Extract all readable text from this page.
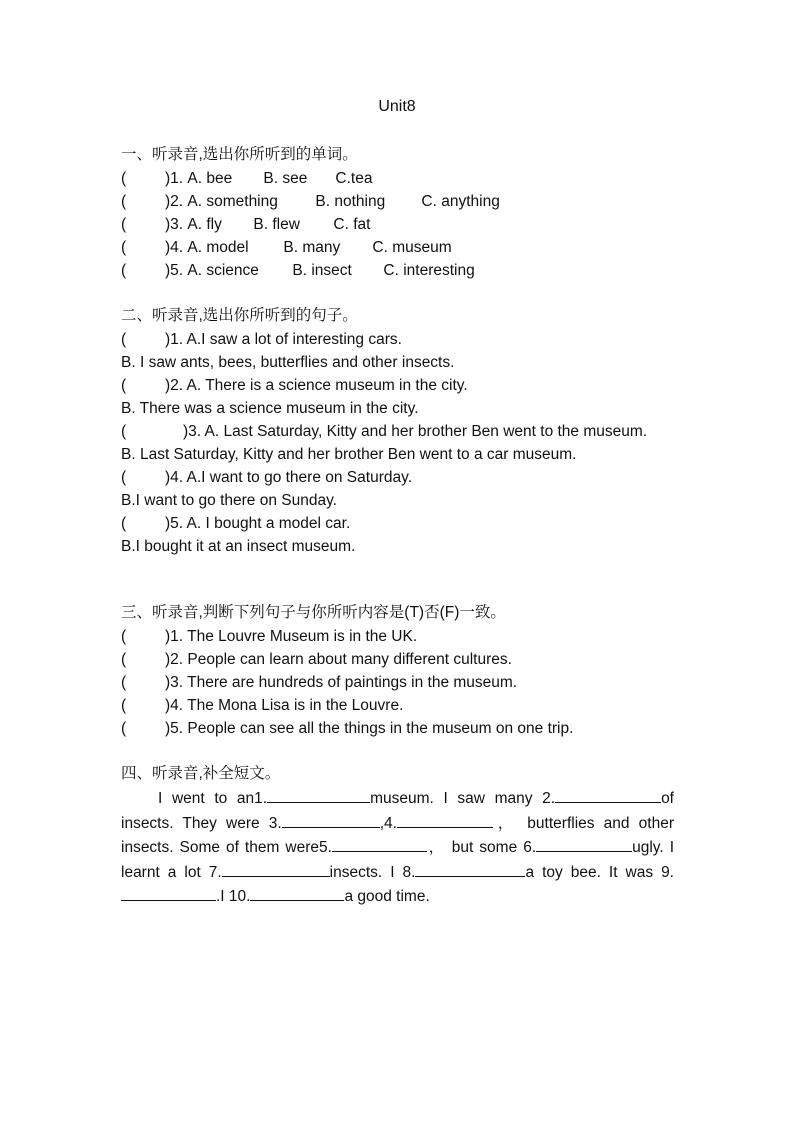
Unit8
一、听录音,选出你所听到的单词。
(	)1. A. bee B. see C.tea
(	)2. A. something B. nothing C. anything
(	)3. A. fly B. flew C. fat
(	)4. A. model B. many C. museum
(	)5. A. science B. insect C. interesting
二、听录音,选出你所听到的句子。
(	)1. A.I saw a lot of interesting cars.
B. I saw ants, bees, butterflies and other insects.
(	)2. A. There is a science museum in the city.
B. There was a science museum in the city.
(	)3. A. Last Saturday, Kitty and her brother Ben went to the museum.
B. Last Saturday, Kitty and her brother Ben went to a car museum.
(	)4. A.I want to go there on Saturday.
B.I want to go there on Sunday.
(	)5. A. I bought a model car.
B.I bought it at an insect museum.
三、听录音,判断下列句子与你所听内容是(T)否(F)一致。
(	)1. The Louvre Museum is in the UK.
(	)2. People can learn about many different cultures.
(	)3. There are hundreds of paintings in the museum.
(	)4. The Mona Lisa is in the Louvre.
(	)5. People can see all the things in the museum on one trip.
四、听录音,补全短文。
I went to an1.	museum. I saw many 2.	of insects. They were 3.	,4.	， butterflies and other insects. Some of them were5.	， but some 6.	ugly. I learnt a lot 7.	insects. I 8.	a toy bee. It was 9..I 10.	a good time.
